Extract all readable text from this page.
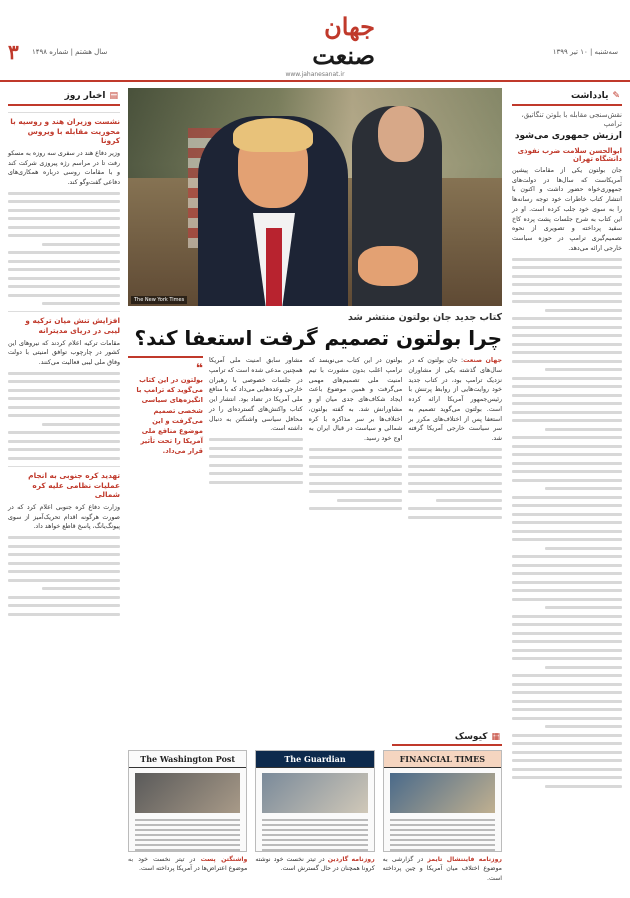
سه‌شنبه | ۱۰ تیر ۱۳۹۹
جهان صنعت
www.jahanesanat.ir
سال هشتم | شماره ۱۴۹۸
۳
✎
یادداشت
نقش‌سنجی مقابله با بلوتن تنگاتیق، ترامپ
ارزیش جمهوری می‌شود
ابوالحسن سلامت ضرب نفوذی
دانشگاه تهران
جان بولتون یکی از مقامات پیشین آمریکاست که سال‌ها در دولت‌های جمهوری‌خواه حضور داشت و اکنون با انتشار کتاب خاطرات خود توجه رسانه‌ها را به سوی خود جلب کرده است. او در این کتاب به شرح جلسات پشت پرده کاخ سفید پرداخته و تصویری از نحوه تصمیم‌گیری ترامپ در حوزه سیاست خارجی ارائه می‌دهد.
▤
اخبار روز
نشست وزیران هند و روسیه با محوریت مقابله با ویروس کرونا
وزیر دفاع هند در سفری سه روزه به مسکو رفت تا در مراسم رژه پیروزی شرکت کند و با مقامات روسی درباره همکاری‌های دفاعی گفت‌وگو کند.
افزایش تنش میان ترکیه و لیبی در دریای مدیترانه
مقامات ترکیه اعلام کردند که نیروهای این کشور در چارچوب توافق امنیتی با دولت وفاق ملی لیبی فعالیت می‌کنند.
تهدید کره جنوبی به انجام عملیات نظامی علیه کره شمالی
وزارت دفاع کره جنوبی اعلام کرد که در صورت هرگونه اقدام تحریک‌آمیز از سوی پیونگ‌یانگ، پاسخ قاطع خواهد داد.
The New York Times
کتاب جدید جان بولتون منتشر شد
چرا بولتون تصمیم گرفت استعفا کند؟
جهان صنعت: جان بولتون که در سال‌های گذشته یکی از مشاوران نزدیک ترامپ بود، در کتاب جدید خود روایت‌هایی از روابط پرتنش با رئیس‌جمهور آمریکا ارائه کرده است. بولتون می‌گوید تصمیم به استعفا پس از اختلاف‌های مکرر بر سر سیاست خارجی آمریکا گرفته شد.
بولتون در این کتاب می‌نویسد که ترامپ اغلب بدون مشورت با تیم امنیت ملی تصمیم‌های مهمی می‌گرفت و همین موضوع باعث ایجاد شکاف‌های جدی میان او و مشاورانش شد. به گفته بولتون، اختلاف‌ها بر سر مذاکره با کره شمالی و سیاست در قبال ایران به اوج خود رسید.
مشاور سابق امنیت ملی آمریکا همچنین مدعی شده است که ترامپ در جلسات خصوصی با رهبران خارجی وعده‌هایی می‌داد که با منافع ملی آمریکا در تضاد بود. انتشار این کتاب واکنش‌های گسترده‌ای را در محافل سیاسی واشنگتن به دنبال داشته است.
❝
بولتون در این کتاب می‌گوید که ترامپ با انگیزه‌های سیاسی شخصی تصمیم می‌گرفت و این موضوع منافع ملی آمریکا را تحت تأثیر قرار می‌داد.
▦
کیوسک
FINANCIAL TIMES
روزنامه فایننشال تایمز در گزارشی به موضوع اختلاف میان آمریکا و چین پرداخته است.
The Guardian
روزنامه گاردین در تیتر نخست خود نوشته کرونا همچنان در حال گسترش است.
The Washington Post
واشنگتن پست در تیتر نخست خود به موضوع اعتراض‌ها در آمریکا پرداخته است.
